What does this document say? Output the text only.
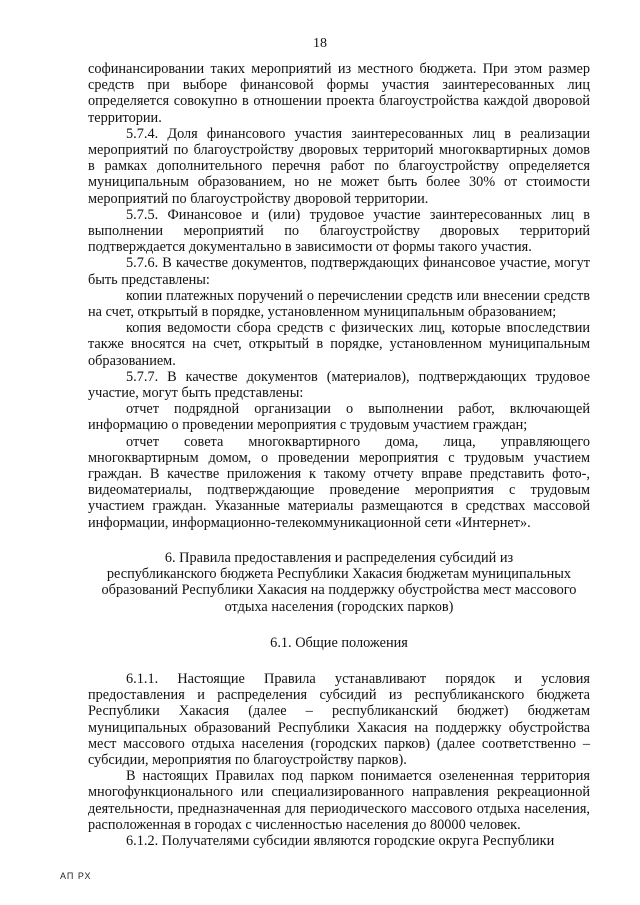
18

софинансировании таких мероприятий из местного бюджета. При этом размер средств при выборе финансовой формы участия заинтересованных лиц определяется совокупно в отношении проекта благоустройства каждой дворовой территории.

5.7.4. Доля финансового участия заинтересованных лиц в реализации мероприятий по благоустройству дворовых территорий многоквартирных домов в рамках дополнительного перечня работ по благоустройству определяется муниципальным образованием, но не может быть более 30% от стоимости мероприятий по благоустройству дворовой территории.

5.7.5. Финансовое и (или) трудовое участие заинтересованных лиц в выполнении мероприятий по благоустройству дворовых территорий подтверждается документально в зависимости от формы такого участия.

5.7.6. В качестве документов, подтверждающих финансовое участие, могут быть представлены:

копии платежных поручений о перечислении средств или внесении средств на счет, открытый в порядке, установленном муниципальным образованием;

копия ведомости сбора средств с физических лиц, которые впоследствии также вносятся на счет, открытый в порядке, установленном муниципальным образованием.

5.7.7. В качестве документов (материалов), подтверждающих трудовое участие, могут быть представлены:

отчет подрядной организации о выполнении работ, включающей информацию о проведении мероприятия с трудовым участием граждан;

отчет совета многоквартирного дома, лица, управляющего многоквартирным домом, о проведении мероприятия с трудовым участием граждан. В качестве приложения к такому отчету вправе представить фото-, видеоматериалы, подтверждающие проведение мероприятия с трудовым участием граждан. Указанные материалы размещаются в средствах массовой информации, информационно-телекоммуникационной сети «Интернет».

6. Правила предоставления и распределения субсидий из
республиканского бюджета Республики Хакасия бюджетам муниципальных
образований Республики Хакасия на поддержку обустройства мест массового
отдыха населения (городских парков)

6.1. Общие положения

6.1.1. Настоящие Правила устанавливают порядок и условия предоставления и распределения субсидий из республиканского бюджета Республики Хакасия (далее – республиканский бюджет) бюджетам муниципальных образований Республики Хакасия на поддержку обустройства мест массового отдыха населения (городских парков) (далее соответственно – субсидии, мероприятия по благоустройству парков).

В настоящих Правилах под парком понимается озелененная территория многофункционального или специализированного направления рекреационной деятельности, предназначенная для периодического массового отдыха населения, расположенная в городах с численностью населения до 80000 человек.

6.1.2. Получателями субсидии являются городские округа Республики

АП РХ
